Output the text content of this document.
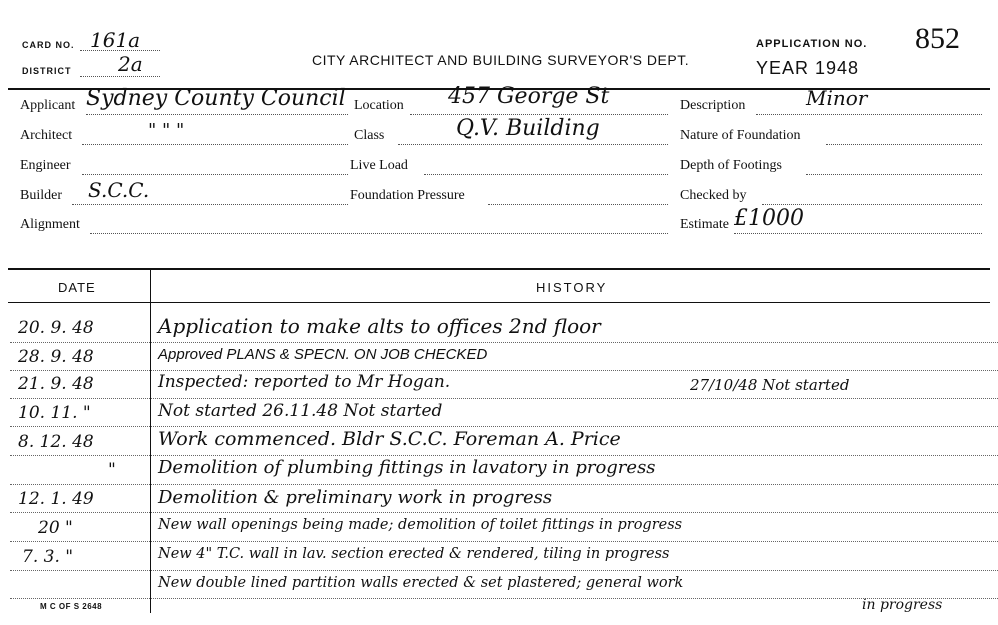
CARD NO. 161a
DISTRICT 2a	CITY ARCHITECT AND BUILDING SURVEYOR'S DEPT.
APPLICATION NO. 852
YEAR 1948
Applicant Sydney County Council
Architect	" " "
Engineer
Builder S.C.C.
Alignment
Location 457 George St
Class	Q.V. Building
Live Load
Foundation Pressure
Description	Minor
Nature of Foundation
Depth of Footings
Checked by
Estimate £1000
DATE	HISTORY
20. 9. 48	Application to make alts to offices 2nd floor
28. 9. 48	Approved PLANS & SPECN. ON JOB CHECKED
21. 9. 48	Inspected: reported to Mr Hogan.	27/10/48 Not started
10. 11. "	Not started 26.11.48 Not started
8. 12. 48	Work commenced. Bldr S.C.C. Foreman A. Price
" Demolition of plumbing fittings in lavatory in progress
12. 1. 49	Demolition & preliminary work in progress
20 "	New wall openings being made; demolition of toilet fittings in progress
7. 3. "	New 4" T.C. wall in lav. section erected & rendered, tiling in progress
New double lined partition walls erected & set plastered; general work
in progress
M C OF S 2648
